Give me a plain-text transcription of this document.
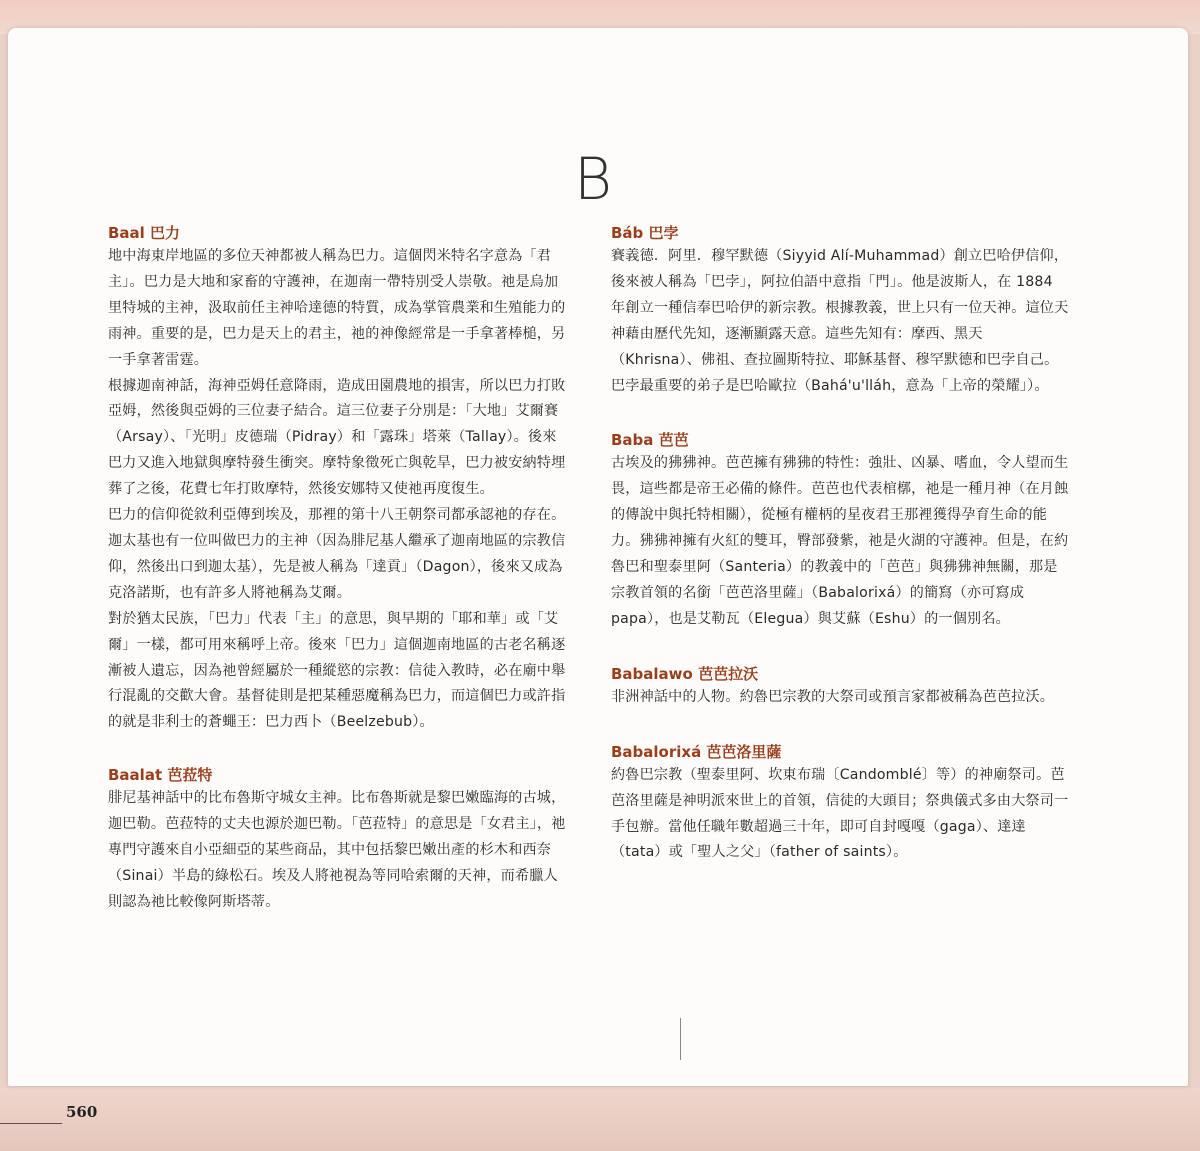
B
Baal 巴力

地中海東岸地區的多位天神都被人稱為巴力。這個閃米特名字意為「君主」。巴力是大地和家畜的守護神，在迦南一帶特別受人崇敬。祂是烏加里特城的主神，汲取前任主神哈達德的特質，成為掌管農業和生殖能力的雨神。重要的是，巴力是天上的君主，祂的神像經常是一手拿著棒槌，另一手拿著雷霆。

根據迦南神話，海神亞姆任意降雨，造成田園農地的損害，所以巴力打敗亞姆，然後與亞姆的三位妻子結合。這三位妻子分別是：「大地」艾爾賽（Arsay）、「光明」皮德瑞（Pidray）和「露珠」塔萊（Tallay）。後來巴力又進入地獄與摩特發生衝突。摩特象徵死亡與乾旱，巴力被安納特埋葬了之後，花費七年打敗摩特，然後安娜特又使祂再度復生。

巴力的信仰從敘利亞傳到埃及，那裡的第十八王朝祭司都承認祂的存在。迦太基也有一位叫做巴力的主神（因為腓尼基人繼承了迦南地區的宗教信仰，然後出口到迦太基），先是被人稱為「達貢」（Dagon），後來又成為克洛諾斯，也有許多人將祂稱為艾爾。

對於猶太民族，「巴力」代表「主」的意思，與早期的「耶和華」或「艾爾」一樣，都可用來稱呼上帝。後來「巴力」這個迦南地區的古老名稱逐漸被人遺忘，因為祂曾經屬於一種縱慾的宗教：信徒入教時，必在廟中舉行混亂的交歡大會。基督徒則是把某種惡魔稱為巴力，而這個巴力或許指的就是非利士的蒼蠅王：巴力西卜（Beelzebub）。

Baalat 芭菈特

腓尼基神話中的比布魯斯守城女主神。比布魯斯就是黎巴嫩臨海的古城，迦巴勒。芭菈特的丈夫也源於迦巴勒。「芭菈特」的意思是「女君主」，祂專門守護來自小亞細亞的某些商品，其中包括黎巴嫩出產的杉木和西奈（Sinai）半島的綠松石。埃及人將祂視為等同哈索爾的天神，而希臘人則認為祂比較像阿斯塔蒂。

Báb 巴孛

賽義德．阿里．穆罕默德（Siyyid Alí-Muhammad）創立巴哈伊信仰，後來被人稱為「巴孛」，阿拉伯語中意指「門」。他是波斯人，在 1884 年創立一種信奉巴哈伊的新宗教。根據教義，世上只有一位天神。這位天神藉由歷代先知，逐漸顯露天意。這些先知有：摩西、黑天（Khrisna）、佛祖、查拉圖斯特拉、耶穌基督、穆罕默德和巴孛自己。巴孛最重要的弟子是巴哈歐拉（Bahá'u'lláh，意為「上帝的榮耀」）。

Baba 芭芭

古埃及的狒狒神。芭芭擁有狒狒的特性：強壯、凶暴、嗜血，令人望而生畏，這些都是帝王必備的條件。芭芭也代表棺槨，祂是一種月神（在月蝕的傳說中與托特相關），從極有權柄的星夜君王那裡獲得孕育生命的能力。狒狒神擁有火紅的雙耳，臀部發紫，祂是火湖的守護神。但是，在約魯巴和聖泰里阿（Santeria）的教義中的「芭芭」與狒狒神無關，那是宗教首領的名銜「芭芭洛里薩」（Babalorixá）的簡寫（亦可寫成 papa），也是艾勒瓦（Elegua）與艾蘇（Eshu）的一個別名。

Babalawo 芭芭拉沃

非洲神話中的人物。約魯巴宗教的大祭司或預言家都被稱為芭芭拉沃。

Babalorixá 芭芭洛里薩

約魯巴宗教（聖泰里阿、坎東布瑞〔Candomblé〕等）的神廟祭司。芭芭洛里薩是神明派來世上的首領，信徒的大頭目；祭典儀式多由大祭司一手包辦。當他任職年數超過三十年，即可自封嘎嘎（gaga）、達達（tata）或「聖人之父」（father of saints）。

560
